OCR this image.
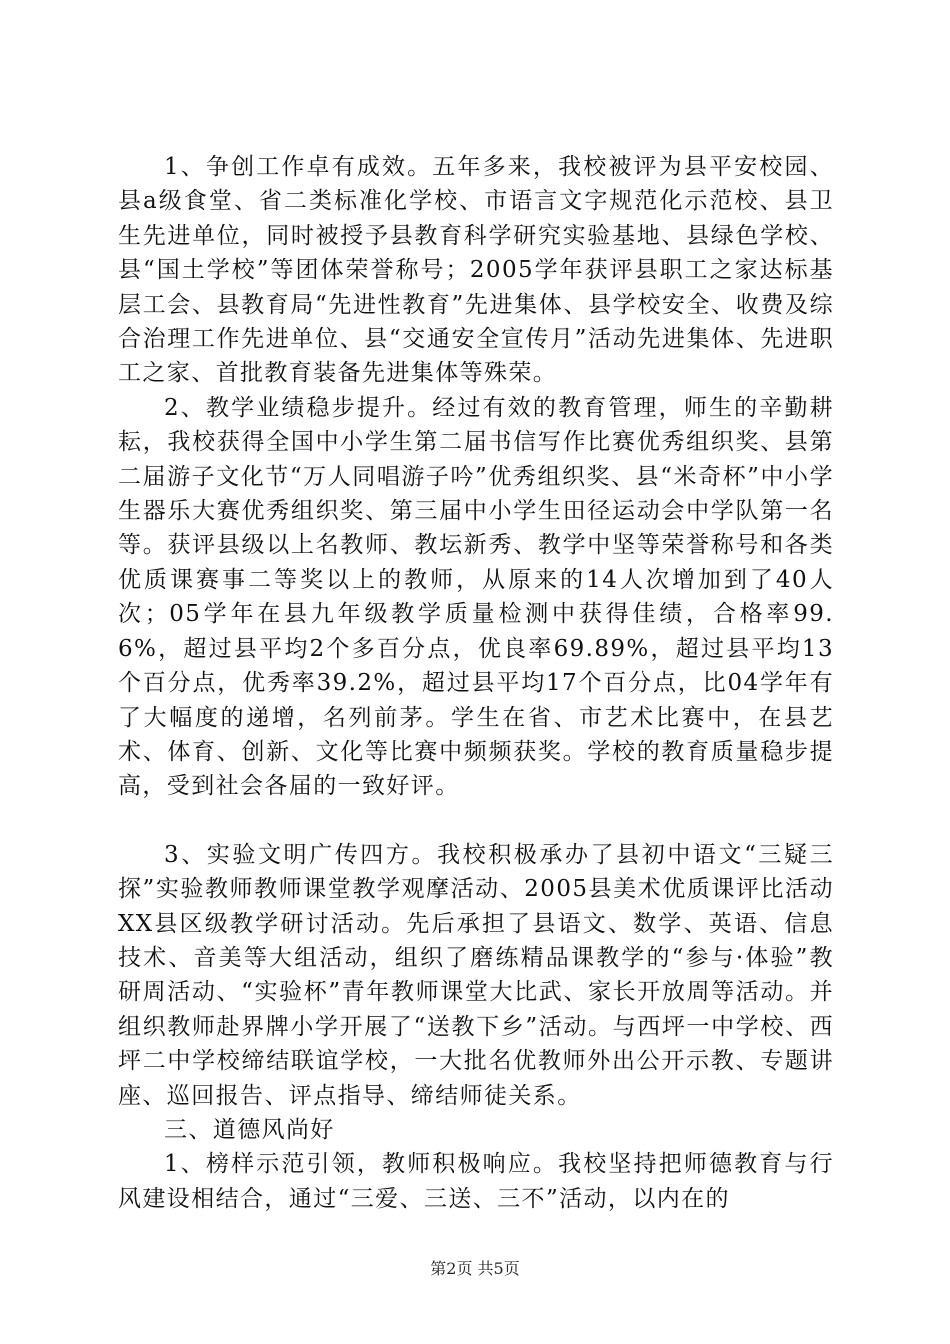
1、争创工作卓有成效。五年多来，我校被评为县平安校园、县a级食堂、省二类标准化学校、市语言文字规范化示范校、县卫生先进单位，同时被授予县教育科学研究实验基地、县绿色学校、县“国土学校”等团体荣誉称号；2005学年获评县职工之家达标基层工会、县教育局“先进性教育”先进集体、县学校安全、收费及综合治理工作先进单位、县“交通安全宣传月”活动先进集体、先进职工之家、首批教育装备先进集体等殊荣。

2、教学业绩稳步提升。经过有效的教育管理，师生的辛勤耕耘，我校获得全国中小学生第二届书信写作比赛优秀组织奖、县第二届游子文化节“万人同唱游子吟”优秀组织奖、县“米奇杯”中小学生器乐大赛优秀组织奖、第三届中小学生田径运动会中学队第一名等。获评县级以上名教师、教坛新秀、教学中坚等荣誉称号和各类优质课赛事二等奖以上的教师，从原来的14人次增加到了40人次；05学年在县九年级教学质量检测中获得佳绩，合格率99.6%，超过县平均2个多百分点，优良率69.89%，超过县平均13个百分点，优秀率39.2%，超过县平均17个百分点，比04学年有了大幅度的递增，名列前茅。学生在省、市艺术比赛中，在县艺术、体育、创新、文化等比赛中频频获奖。学校的教育质量稳步提高，受到社会各届的一致好评。

3、实验文明广传四方。我校积极承办了县初中语文“三疑三探”实验教师教师课堂教学观摩活动、2005县美术优质课评比活动XX县区级教学研讨活动。先后承担了县语文、数学、英语、信息技术、音美等大组活动，组织了磨练精品课教学的“参与·体验”教研周活动、“实验杯”青年教师课堂大比武、家长开放周等活动。并组织教师赴界牌小学开展了“送教下乡”活动。与西坪一中学校、西坪二中学校缔结联谊学校，一大批名优教师外出公开示教、专题讲座、巡回报告、评点指导、缔结师徒关系。

三、道德风尚好

1、榜样示范引领，教师积极响应。我校坚持把师德教育与行风建设相结合，通过“三爱、三送、三不”活动，以内在的

第2页 共5页
